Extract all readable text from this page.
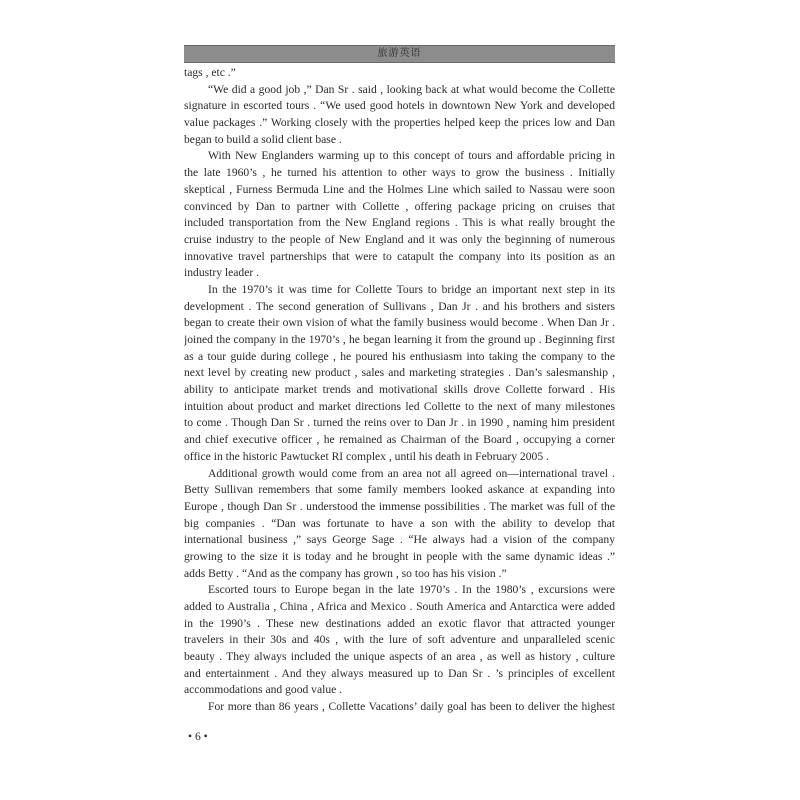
旅游英语
tags , etc .”
“We did a good job ,” Dan Sr . said , looking back at what would become the Collette
signature in escorted tours . “We used good hotels in downtown New York and developed
value packages .” Working closely with the properties helped keep the prices low and Dan
began to build a solid client base .
With New Englanders warming up to this concept of tours and affordable pricing in
the late 1960’s , he turned his attention to other ways to grow the business . Initially
skeptical , Furness Bermuda Line and the Holmes Line which sailed to Nassau were soon
convinced by Dan to partner with Collette , offering package pricing on cruises that
included transportation from the New England regions . This is what really brought the
cruise industry to the people of New England and it was only the beginning of numerous
innovative travel partnerships that were to catapult the company into its position as an
industry leader .
In the 1970’s it was time for Collette Tours to bridge an important next step in its
development . The second generation of Sullivans , Dan Jr . and his brothers and sisters
began to create their own vision of what the family business would become . When Dan Jr .
joined the company in the 1970’s , he began learning it from the ground up . Beginning first
as a tour guide during college , he poured his enthusiasm into taking the company to the
next level by creating new product , sales and marketing strategies . Dan’s salesmanship ,
ability to anticipate market trends and motivational skills drove Collette forward . His
intuition about product and market directions led Collette to the next of many milestones
to come . Though Dan Sr . turned the reins over to Dan Jr . in 1990 , naming him president
and chief executive officer , he remained as Chairman of the Board , occupying a corner
office in the historic Pawtucket RI complex , until his death in February 2005 .
Additional growth would come from an area not all agreed on—international travel .
Betty Sullivan remembers that some family members looked askance at expanding into
Europe , though Dan Sr . understood the immense possibilities . The market was full of the
big companies . “Dan was fortunate to have a son with the ability to develop that
international business ,” says George Sage . “He always had a vision of the company
growing to the size it is today and he brought in people with the same dynamic ideas .”
adds Betty . “And as the company has grown , so too has his vision .”
Escorted tours to Europe began in the late 1970’s . In the 1980’s , excursions were
added to Australia , China , Africa and Mexico . South America and Antarctica were added
in the 1990’s . These new destinations added an exotic flavor that attracted younger
travelers in their 30s and 40s , with the lure of soft adventure and unparalleled scenic
beauty . They always included the unique aspects of an area , as well as history , culture
and entertainment . And they always measured up to Dan Sr . ’s principles of excellent
accommodations and good value .
For more than 86 years , Collette Vacations’ daily goal has been to deliver the highest
• 6 •
